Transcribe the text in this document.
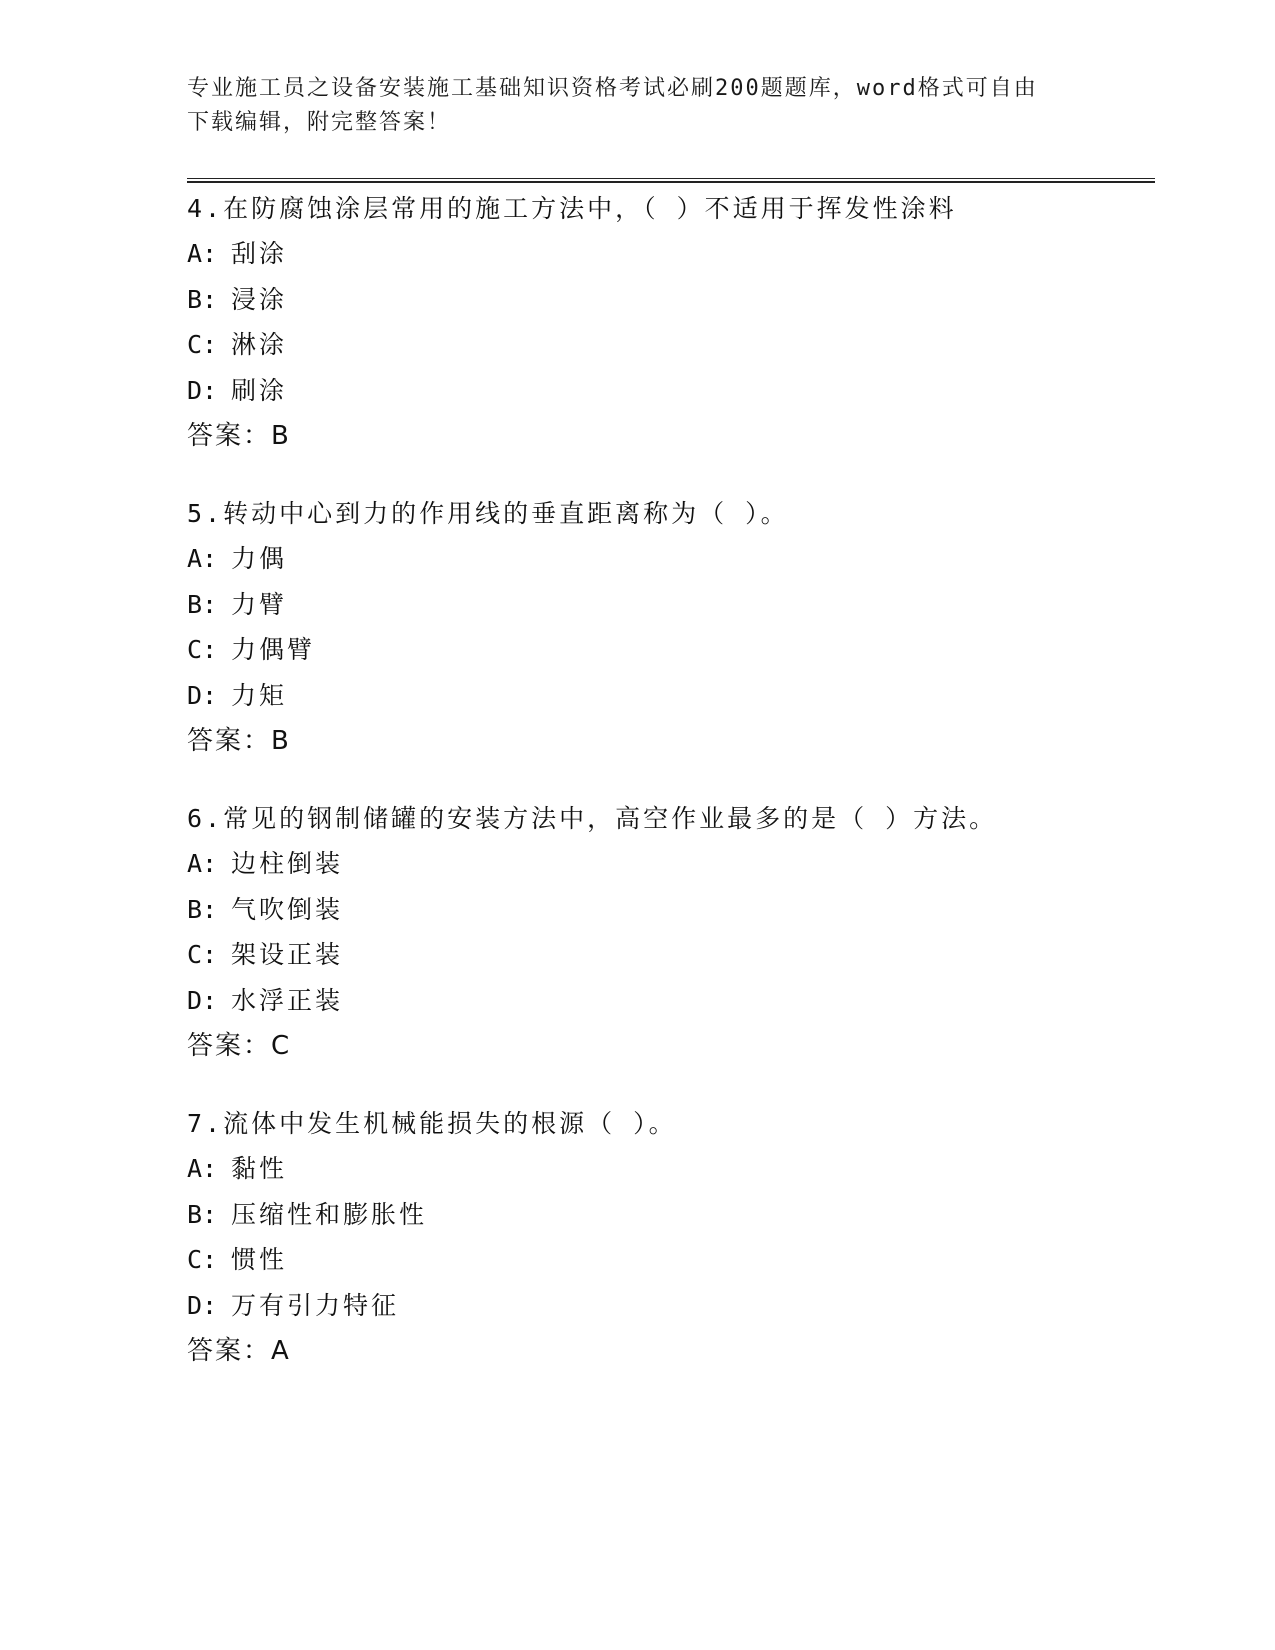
专业施工员之设备安装施工基础知识资格考试必刷200题题库，word格式可自由
下载编辑，附完整答案！
4.在防腐蚀涂层常用的施工方法中，（ ）不适用于挥发性涂料
A: 刮涂
B: 浸涂
C: 淋涂
D: 刷涂
答案：B
5.转动中心到力的作用线的垂直距离称为（ ）。
A: 力偶
B: 力臂
C: 力偶臂
D: 力矩
答案：B
6.常见的钢制储罐的安装方法中，高空作业最多的是（ ）方法。
A: 边柱倒装
B: 气吹倒装
C: 架设正装
D: 水浮正装
答案：C
7.流体中发生机械能损失的根源（ ）。
A: 黏性
B: 压缩性和膨胀性
C: 惯性
D: 万有引力特征
答案：A
